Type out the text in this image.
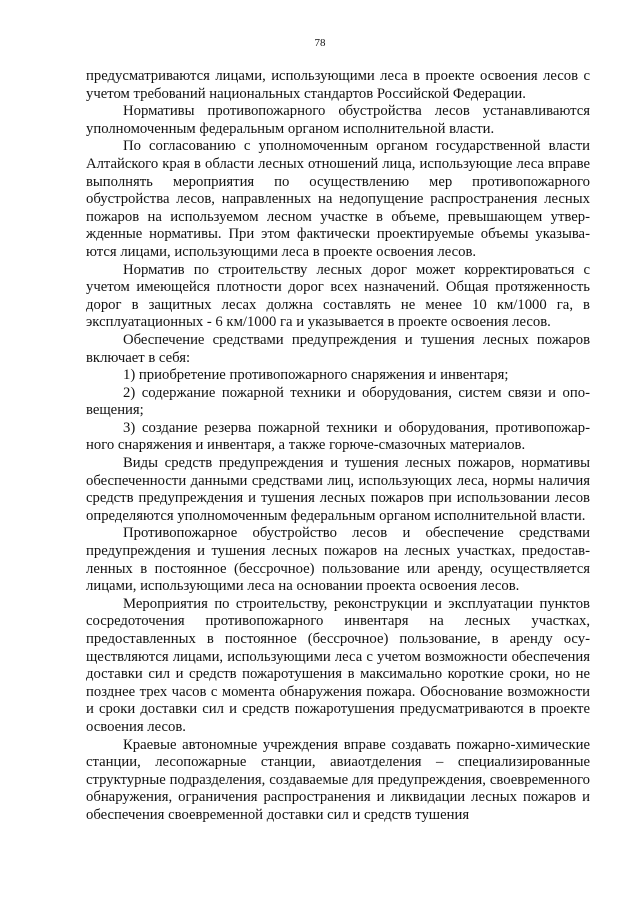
78

предусматриваются лицами, использующими леса в проекте освоения лесов с учетом требований национальных стандартов Российской Федерации.

Нормативы противопожарного обустройства лесов устанавливаются уполномоченным федеральным органом исполнительной власти.

По согласованию с уполномоченным органом государственной власти Алтайского края в области лесных отношений лица, использующие леса вправе выполнять мероприятия по осуществлению мер противопожарного обустройства лесов, направленных на недопущение распространения лесных пожаров на используемом лесном участке в объеме, превышающем утвержденные нормативы. При этом фактически проектируемые объемы указываются лицами, использующими леса в проекте освоения лесов.

Норматив по строительству лесных дорог может корректироваться с учетом имеющейся плотности дорог всех назначений. Общая протяженность дорог в защитных лесах должна составлять не менее 10 км/1000 га, в эксплуатационных - 6 км/1000 га и указывается в проекте освоения лесов.

Обеспечение средствами предупреждения и тушения лесных пожаров включает в себя:

1) приобретение противопожарного снаряжения и инвентаря;

2) содержание пожарной техники и оборудования, систем связи и оповещения;

3) создание резерва пожарной техники и оборудования, противопожарного снаряжения и инвентаря, а также горюче-смазочных материалов.

Виды средств предупреждения и тушения лесных пожаров, нормативы обеспеченности данными средствами лиц, использующих леса, нормы наличия средств предупреждения и тушения лесных пожаров при использовании лесов определяются уполномоченным федеральным органом исполнительной власти.

Противопожарное обустройство лесов и обеспечение средствами предупреждения и тушения лесных пожаров на лесных участках, предоставленных в постоянное (бессрочное) пользование или аренду, осуществляется лицами, использующими леса на основании проекта освоения лесов.

Мероприятия по строительству, реконструкции и эксплуатации пунктов сосредоточения противопожарного инвентаря на лесных участках, предоставленных в постоянное (бессрочное) пользование, в аренду осуществляются лицами, использующими леса с учетом возможности обеспечения доставки сил и средств пожаротушения в максимально короткие сроки, но не позднее трех часов с момента обнаружения пожара. Обоснование возможности и сроки доставки сил и средств пожаротушения предусматриваются в проекте освоения лесов.

Краевые автономные учреждения вправе создавать пожарно-химические станции, лесопожарные станции, авиаотделения – специализированные структурные подразделения, создаваемые для предупреждения, своевременного обнаружения, ограничения распространения и ликвидации лесных пожаров и обеспечения своевременной доставки сил и средств тушения
